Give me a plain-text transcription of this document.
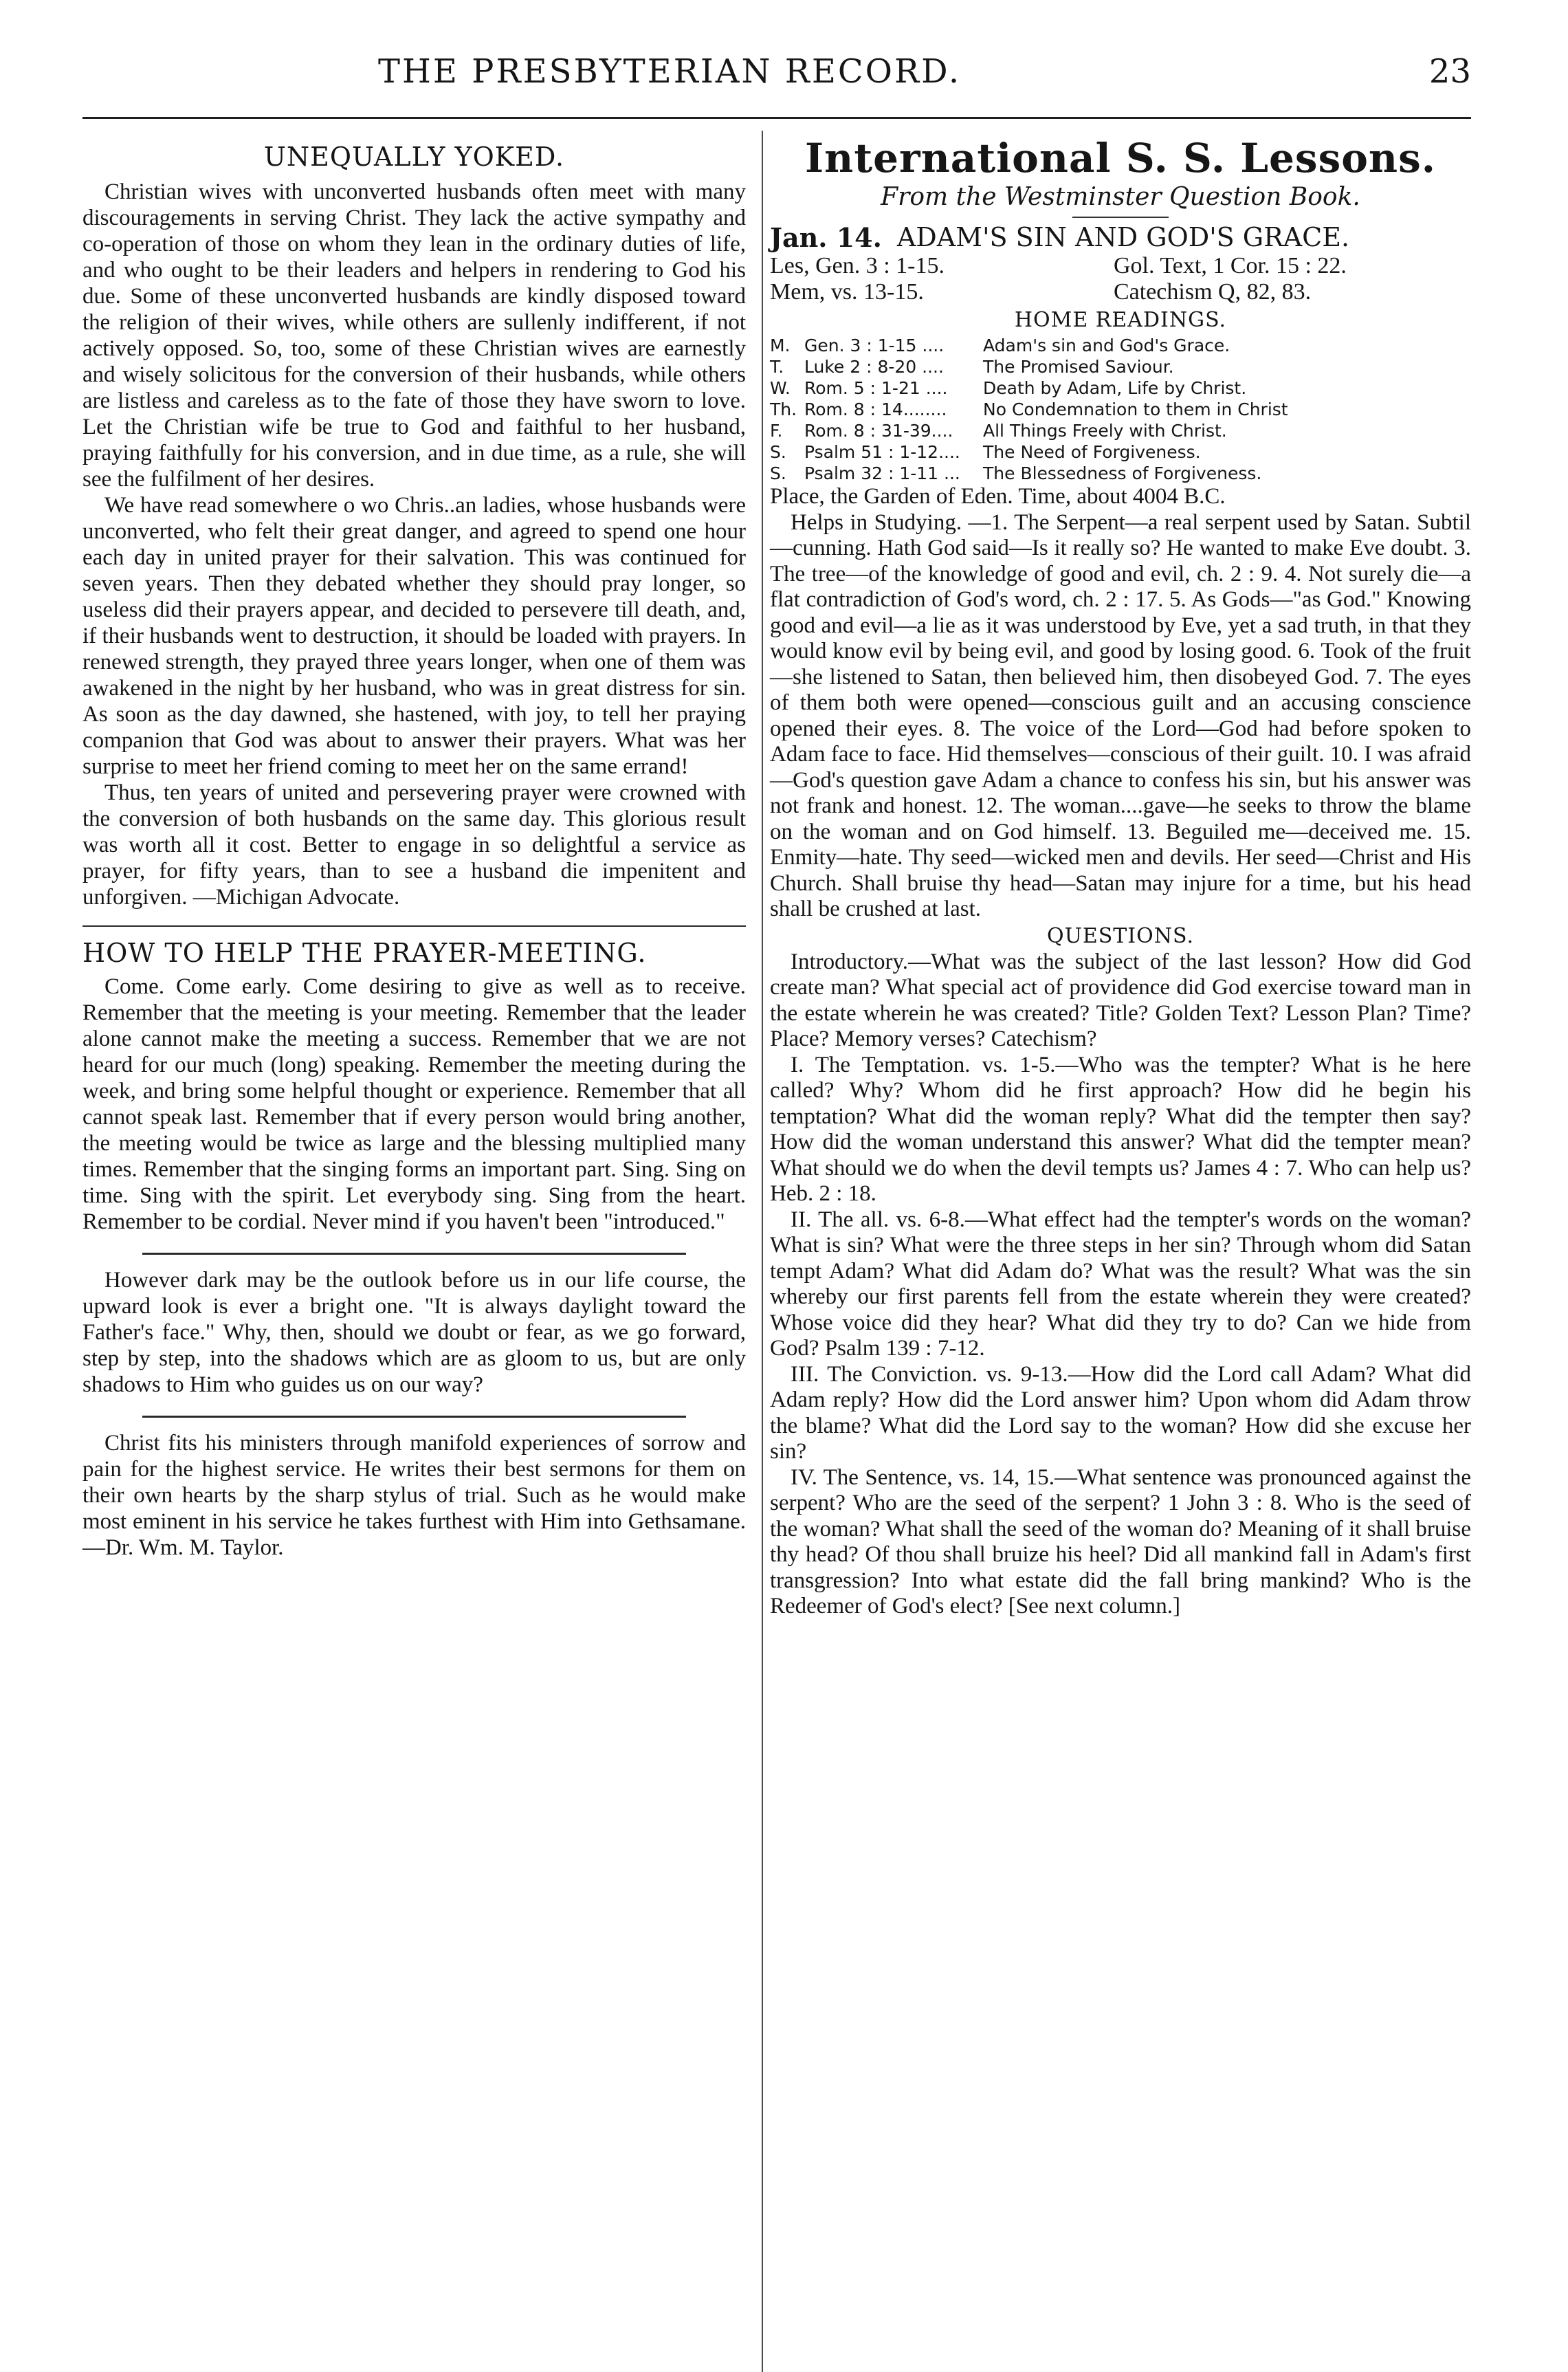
THE PRESBYTERIAN RECORD.	23
UNEQUALLY YOKED.

Christian wives with unconverted husbands often meet with many discouragements in serving Christ. They lack the active sympathy and co-operation of those on whom they lean in the ordinary duties of life, and who ought to be their leaders and helpers in rendering to God his due. Some of these unconverted husbands are kindly disposed toward the religion of their wives, while others are sullenly indifferent, if not actively opposed. So, too, some of these Christian wives are earnestly and wisely solicitous for the conversion of their husbands, while others are listless and careless as to the fate of those they have sworn to love. Let the Christian wife be true to God and faithful to her husband, praying faithfully for his conversion, and in due time, as a rule, she will see the fulfilment of her desires.

We have read somewhere o wo Chris..an ladies, whose husbands were unconverted, who felt their great danger, and agreed to spend one hour each day in united prayer for their salvation. This was continued for seven years. Then they debated whether they should pray longer, so useless did their prayers appear, and decided to persevere till death, and, if their husbands went to destruction, it should be loaded with prayers. In renewed strength, they prayed three years longer, when one of them was awakened in the night by her husband, who was in great distress for sin. As soon as the day dawned, she hastened, with joy, to tell her praying companion that God was about to answer their prayers. What was her surprise to meet her friend coming to meet her on the same errand!

Thus, ten years of united and persevering prayer were crowned with the conversion of both husbands on the same day. This glorious result was worth all it cost. Better to engage in so delightful a service as prayer, for fifty years, than to see a husband die impenitent and unforgiven. —Michigan Advocate.

HOW TO HELP THE PRAYER-MEETING.

Come. Come early. Come desiring to give as well as to receive. Remember that the meeting is your meeting. Remember that the leader alone cannot make the meeting a success. Remember that we are not heard for our much (long) speaking. Remember the meeting during the week, and bring some helpful thought or experience. Remember that all cannot speak last. Remember that if every person would bring another, the meeting would be twice as large and the blessing multiplied many times. Remember that the singing forms an important part. Sing. Sing on time. Sing with the spirit. Let everybody sing. Sing from the heart. Remember to be cordial. Never mind if you haven't been "introduced."

However dark may be the outlook before us in our life course, the upward look is ever a bright one. "It is always daylight toward the Father's face." Why, then, should we doubt or fear, as we go forward, step by step, into the shadows which are as gloom to us, but are only shadows to Him who guides us on our way?

Christ fits his ministers through manifold experiences of sorrow and pain for the highest service. He writes their best sermons for them on their own hearts by the sharp stylus of trial. Such as he would make most eminent in his service he takes furthest with Him into Gethsamane.—Dr. Wm. M. Taylor.

International S. S. Lessons.
From the Westminster Question Book.
Jan. 14. ADAM'S SIN AND GOD'S GRACE.
Les, Gen. 3 : 1-15.	Gol. Text, 1 Cor. 15 : 22.
Mem, vs. 13-15.	Catechism Q, 82, 83.
HOME READINGS.
M. Gen. 3 : 1-15 ....	Adam's sin and God's Grace.
T.	Luke 2 : 8-20 ....	The Promised Saviour.
W. Rom. 5 : 1-21 ....	Death by Adam, Life by Christ.
Th. Rom. 8 : 14........	No Condemnation to them in Christ
F.	Rom. 8 : 31-39....	All Things Freely with Christ.
S.	Psalm 51 : 1-12....	The Need of Forgiveness.
S.	Psalm 32 : 1-11 ...	The Blessedness of Forgiveness.

Place, the Garden of Eden. Time, about 4004 B.C.

Helps in Studying. —1. The Serpent—a real serpent used by Satan. Subtil—cunning. Hath God said—Is it really so? He wanted to make Eve doubt. 3. The tree—of the knowledge of good and evil, ch. 2 : 9. 4. Not surely die—a flat contradiction of God's word, ch. 2 : 17. 5. As Gods—"as God." Knowing good and evil—a lie as it was understood by Eve, yet a sad truth, in that they would know evil by being evil, and good by losing good. 6. Took of the fruit—she listened to Satan, then believed him, then disobeyed God. 7. The eyes of them both were opened—conscious guilt and an accusing conscience opened their eyes. 8. The voice of the Lord—God had before spoken to Adam face to face. Hid themselves—conscious of their guilt. 10. I was afraid—God's question gave Adam a chance to confess his sin, but his answer was not frank and honest. 12. The woman....gave—he seeks to throw the blame on the woman and on God himself. 13. Beguiled me—deceived me. 15. Enmity—hate. Thy seed—wicked men and devils. Her seed—Christ and His Church. Shall bruise thy head—Satan may injure for a time, but his head shall be crushed at last.

QUESTIONS.

Introductory.—What was the subject of the last lesson? How did God create man? What special act of providence did God exercise toward man in the estate wherein he was created? Title? Golden Text? Lesson Plan? Time? Place? Memory verses? Catechism?

I. The Temptation. vs. 1-5.—Who was the tempter? What is he here called? Why? Whom did he first approach? How did he begin his temptation? What did the woman reply? What did the tempter then say? How did the woman understand this answer? What did the tempter mean? What should we do when the devil tempts us? James 4 : 7. Who can help us? Heb. 2 : 18.

II. The all. vs. 6-8.—What effect had the tempter's words on the woman? What is sin? What were the three steps in her sin? Through whom did Satan tempt Adam? What did Adam do? What was the result? What was the sin whereby our first parents fell from the estate wherein they were created? Whose voice did they hear? What did they try to do? Can we hide from God? Psalm 139 : 7-12.

III. The Conviction. vs. 9-13.—How did the Lord call Adam? What did Adam reply? How did the Lord answer him? Upon whom did Adam throw the blame? What did the Lord say to the woman? How did she excuse her sin?

IV. The Sentence, vs. 14, 15.—What sentence was pronounced against the serpent? Who are the seed of the serpent? 1 John 3 : 8. Who is the seed of the woman? What shall the seed of the woman do? Meaning of it shall bruise thy head? Of thou shall bruize his heel? Did all mankind fall in Adam's first transgression? Into what estate did the fall bring mankind? Who is the Redeemer of God's elect? [See next column.]
